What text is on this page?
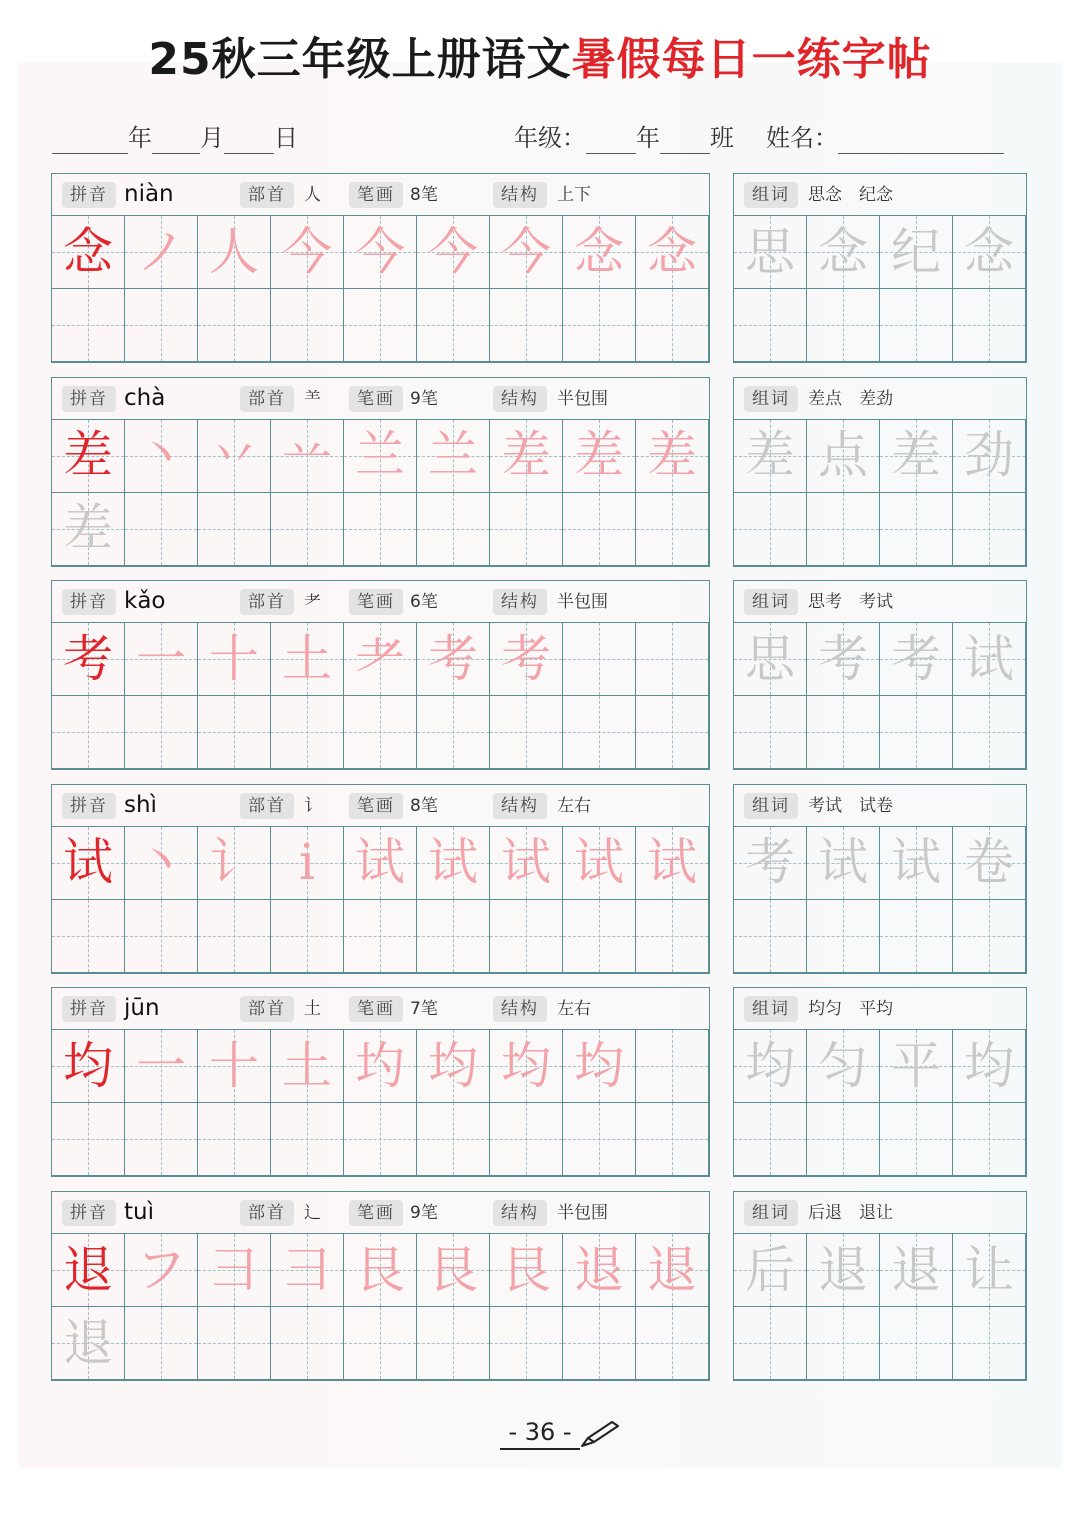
25秋三年级上册语文暑假每日一练字帖
年 月 日	年级： 年 班 姓名：
拼音 niàn	部首	人	笔画 8笔	结构	上下
念 ノ 人 今 今 今 今 念 念
组词	思念　纪念
思 念 纪 念
拼音 chà	部首	⺷	笔画 9笔	结构	半包围
差 丶 丷 䒑 兰 兰 差 差 差
差
组词	差点　差劲
差 点 差 劲
拼音 kǎo	部首	耂	笔画 6笔	结构	半包围
考 一 十 土 耂 考 考
组词	思考　考试
思 考 考 试
拼音 shì	部首	讠	笔画 8笔	结构	左右
试 丶 讠 i 试 试 试 试 试
组词	考试　试卷
考 试 试 卷
拼音 jūn	部首	土	笔画 7笔	结构	左右
均 一 十 土 圴 均 均 均
组词	均匀　平均
均 匀 平 均
拼音 tuì	部首	辶	笔画 9笔	结构	半包围
退 フ 彐 彐 艮 艮 艮 退 退
退
组词	后退　退让
后 退 退 让
- 36 -
